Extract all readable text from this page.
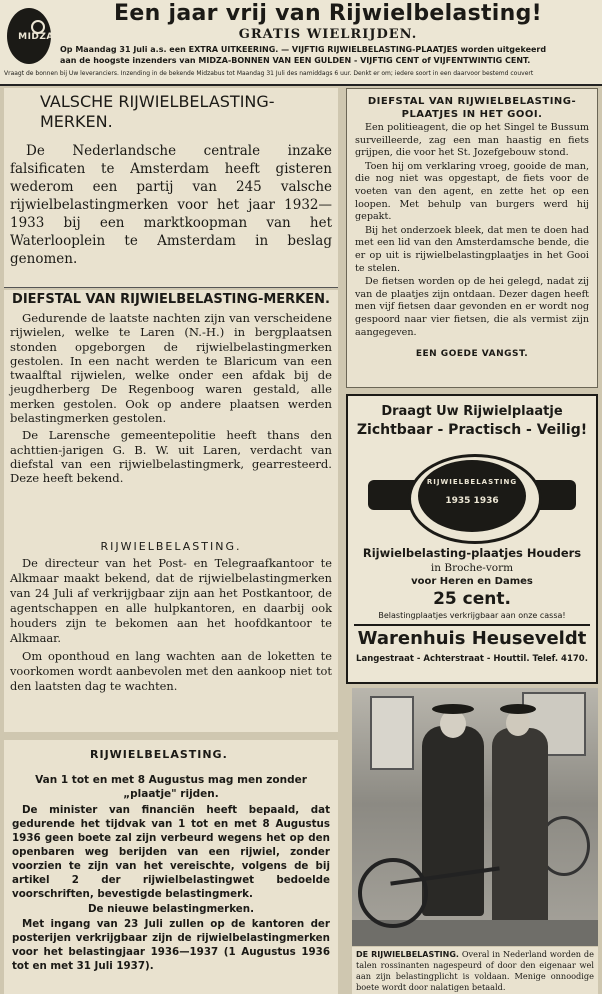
MIDZA
Een jaar vrij van Rijwielbelasting!
GRATIS WIELRIJDEN.
Op Maandag 31 Juli a.s. een EXTRA UITKEERING. — VIJFTIG RIJWIELBELASTING-PLAATJES worden uitgekeerd
aan de hoogste inzenders van MIDZA-BONNEN VAN EEN GULDEN - VIJFTIG CENT of VIJFENTWINTIG CENT.
Vraagt de bonnen bij Uw leveranciers. Inzending in de bekende Midzabus tot Maandag 31 Juli des namiddags 6 uur. Denkt er om; iedere soort in een daarvoor bestemd couvert
VALSCHE RIJWIELBELASTING-MERKEN.

De Nederlandsche centrale inzake falsificaten te Amsterdam heeft gisteren wederom een partij van 245 valsche rijwielbelastingmerken voor het jaar 1932—1933 bij een marktkoopman van het Waterlooplein te Amsterdam in beslag genomen.

DIEFSTAL VAN RIJWIELBELASTING-MERKEN.

Gedurende de laatste nachten zijn van verscheidene rijwielen, welke te Laren (N.-H.) in bergplaatsen stonden opgeborgen de rijwielbelastingmerken gestolen. In een nacht werden te Blaricum van een twaalftal rijwielen, welke onder een afdak bij de jeugdherberg De Regenboog waren gestald, alle merken gestolen. Ook op andere plaatsen werden belastingmerken gestolen.

De Larensche gemeentepolitie heeft thans den achttien-jarigen G. B. W. uit Laren, verdacht van diefstal van een rijwielbelastingmerk, gearresteerd. Deze heeft bekend.

RIJWIELBELASTING.

De directeur van het Post- en Telegraafkantoor te Alkmaar maakt bekend, dat de rijwielbelastingmerken van 24 Juli af verkrijgbaar zijn aan het Postkantoor, de agentschappen en alle hulpkantoren, en daarbij ook houders zijn te bekomen aan het hoofdkantoor te Alkmaar.

Om oponthoud en lang wachten aan de loketten te voorkomen wordt aanbevolen met den aankoop niet tot den laatsten dag te wachten.

RIJWIELBELASTING.
Van 1 tot en met 8 Augustus mag men zonder „plaatje" rijden.

De minister van financiën heeft bepaald, dat gedurende het tijdvak van 1 tot en met 8 Augustus 1936 geen boete zal zijn verbeurd wegens het op den openbaren weg berijden van een rijwiel, zonder voorzien te zijn van het vereischte, volgens de bij artikel 2 der rijwielbelastingwet bedoelde voorschriften, bevestigde belastingmerk.

De nieuwe belastingmerken.

Met ingang van 23 Juli zullen op de kantoren der posterijen verkrijgbaar zijn de rijwielbelastingmerken voor het belastingjaar 1936—1937 (1 Augustus 1936 tot en met 31 Juli 1937).

DIEFSTAL VAN RIJWIELBELASTING-PLAATJES IN HET GOOI.

Een politieagent, die op het Singel te Bussum surveilleerde, zag een man haastig en fiets grijpen, die voor het St. Jozefgebouw stond.

Toen hij om verklaring vroeg, gooide de man, die nog niet was opgestapt, de fiets voor de voeten van den agent, en zette het op een loopen. Met behulp van burgers werd hij gepakt.

Bij het onderzoek bleek, dat men te doen had met een lid van den Amsterdamsche bende, die er op uit is rijwielbelastingplaatjes in het Gooi te stelen.

De fietsen worden op de hei gelegd, nadat zij van de plaatjes zijn ontdaan. Dezer dagen heeft men vijf fietsen daar gevonden en er wordt nog gespoord naar vier fietsen, die als vermist zijn aangegeven.

EEN GOEDE VANGST.
Draagt Uw Rijwielplaatje
Zichtbaar - Practisch - Veilig!
RIJWIELBELASTING
1935 1936
Rijwielbelasting-plaatjes Houders
in Broche-vorm
voor Heren en Dames
25 cent.
Belastingplaatjes verkrijgbaar aan onze cassa!
Warenhuis Heuseveldt
Langestraat - Achterstraat - Houttil. Telef. 4170.
DE RIJWIELBELASTING. Overal in Nederland worden de talen rossinanten nagespeurd of door den eigenaar wel aan zijn belastingplicht is voldaan. Menige onnoodige boete wordt door nalatigen betaald.
